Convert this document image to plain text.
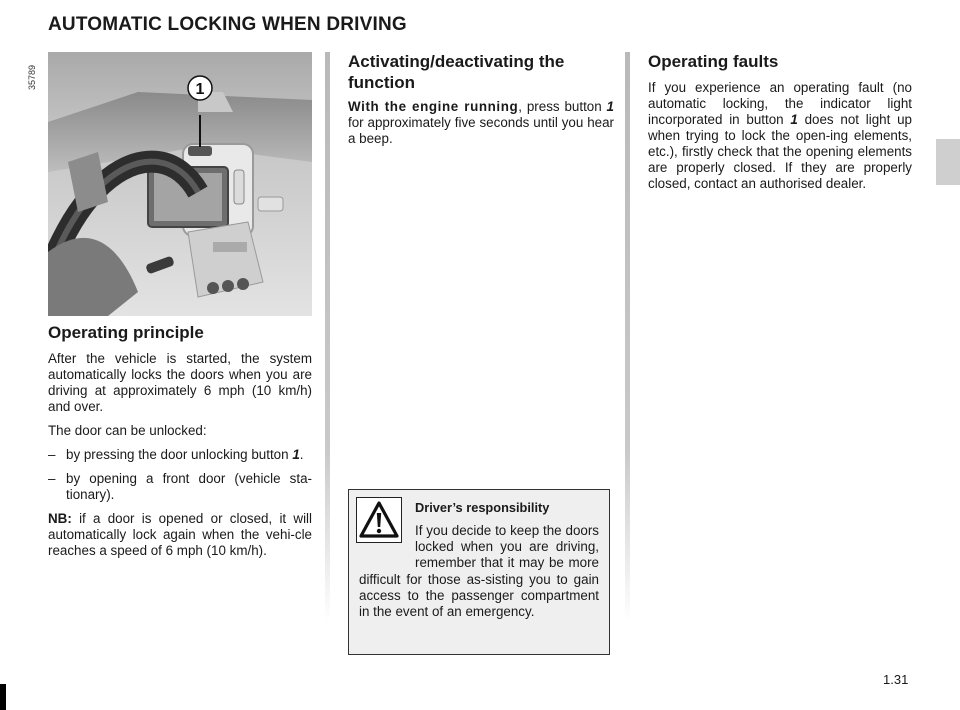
AUTOMATIC LOCKING WHEN DRIVING
35789	1
Operating principle

After the vehicle is started, the system automatically locks the doors when you are driving at approximately 6 mph (10 km/h) and over.

The door can be unlocked:

– by pressing the door unlocking button 1.
– by opening a front door (vehicle sta-tionary).

NB: if a door is opened or closed, it will automatically lock again when the vehi-cle reaches a speed of 6 mph (10 km/h).

Activating/deactivating the function

With the engine running, press button 1 for approximately five seconds until you hear a beep.

Driver’s responsibility
If you decide to keep the doors locked when you are driving, remember that it may be more difficult for those as-sisting you to gain access to the passenger compartment in the event of an emergency.
Operating faults

If you experience an operating fault (no automatic locking, the indicator light incorporated in button 1 does not light up when trying to lock the open-ing elements, etc.), firstly check that the opening elements are properly closed. If they are properly closed, contact an authorised dealer.

1.31
